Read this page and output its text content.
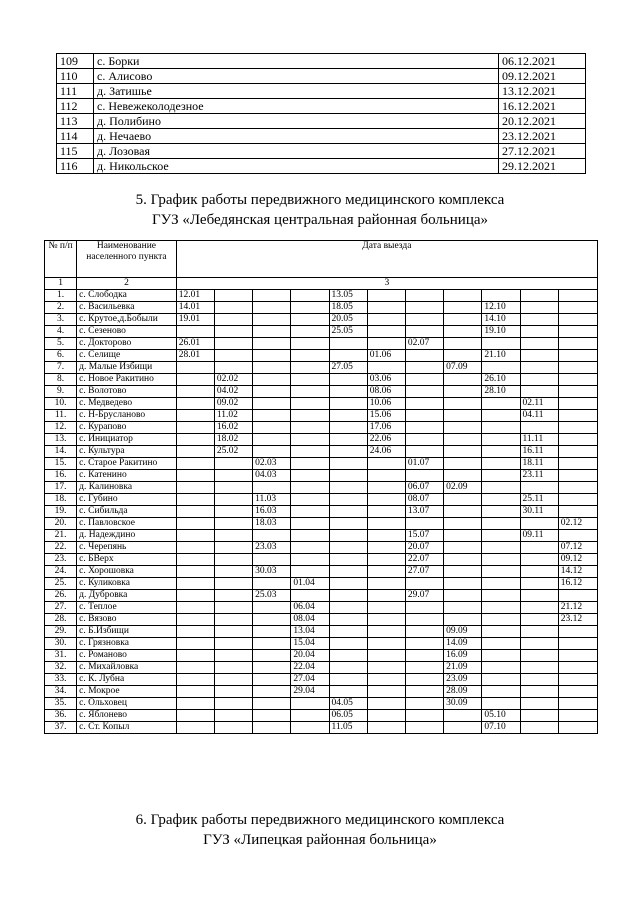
109	с. Борки	06.12.2021
110	с. Алисово	09.12.2021
111	д. Затишье	13.12.2021
112	с. Невежеколодезное	16.12.2021
113	д. Полибино	20.12.2021
114	д. Нечаево	23.12.2021
115	д. Лозовая	27.12.2021
116	д. Никольское	29.12.2021
5. График работы передвижного медицинского комплекса
ГУЗ «Лебедянская центральная районная больница»
№ п/п	Наименование населенного пункта	Дата выезда										
1	2	3										
1.	с. Слободка	12.01				13.05						
2.	с. Васильевка	14.01				18.05				12.10		
3.	с. Крутое,д.Бобыли	19.01				20.05				14.10		
4.	с. Сезеново					25.05				19.10		
5.	с. Докторово	26.01						02.07				
6.	с. Селище	28.01					01.06			21.10		
7.	д. Малые Избищи					27.05			07.09			
8.	с. Новое Ракитино		02.02				03.06			26.10		
9.	с. Волотово		04.02				08.06			28.10		
10.	с. Медведево		09.02				10.06				02.11	
11.	с. Н-Брусланово		11.02				15.06				04.11	
12.	с. Курапово		16.02				17.06					
13.	с. Инициатор		18.02				22.06				11.11	
14.	с. Культура		25.02				24.06				16.11	
15.	с. Старое Ракитино			02.03				01.07			18.11	
16.	с. Катенино			04.03							23.11	
17.	д. Калиновка							06.07	02.09			
18.	с. Губино			11.03				08.07			25.11	
19.	с. Сибильда			16.03				13.07			30.11	
20.	с. Павловское			18.03								02.12
21.	д. Надеждино							15.07			09.11	
22.	с. Черепянь			23.03				20.07				07.12
23.	с. БВерх							22.07				09.12
24.	с. Хорошовка			30.03				27.07				14.12
25.	с. Куликовка				01.04							16.12
26.	д. Дубровка			25.03				29.07				
27.	с. Теплое				06.04							21.12
28.	с. Вязово				08.04							23.12
29.	с. Б.Избищи				13.04				09.09			
30.	с. Грязновка				15.04				14.09			
31.	с. Романово				20.04				16.09			
32.	с. Михайловка				22.04				21.09			
33.	с. К. Лубна				27.04				23.09			
34.	с. Мокрое				29.04				28.09			
35.	с. Ольховец					04.05			30.09			
36.	с. Яблонево					06.05				05.10		
37.	с. Ст. Копыл					11.05				07.10		
6. График работы передвижного медицинского комплекса
ГУЗ «Липецкая районная больница»
